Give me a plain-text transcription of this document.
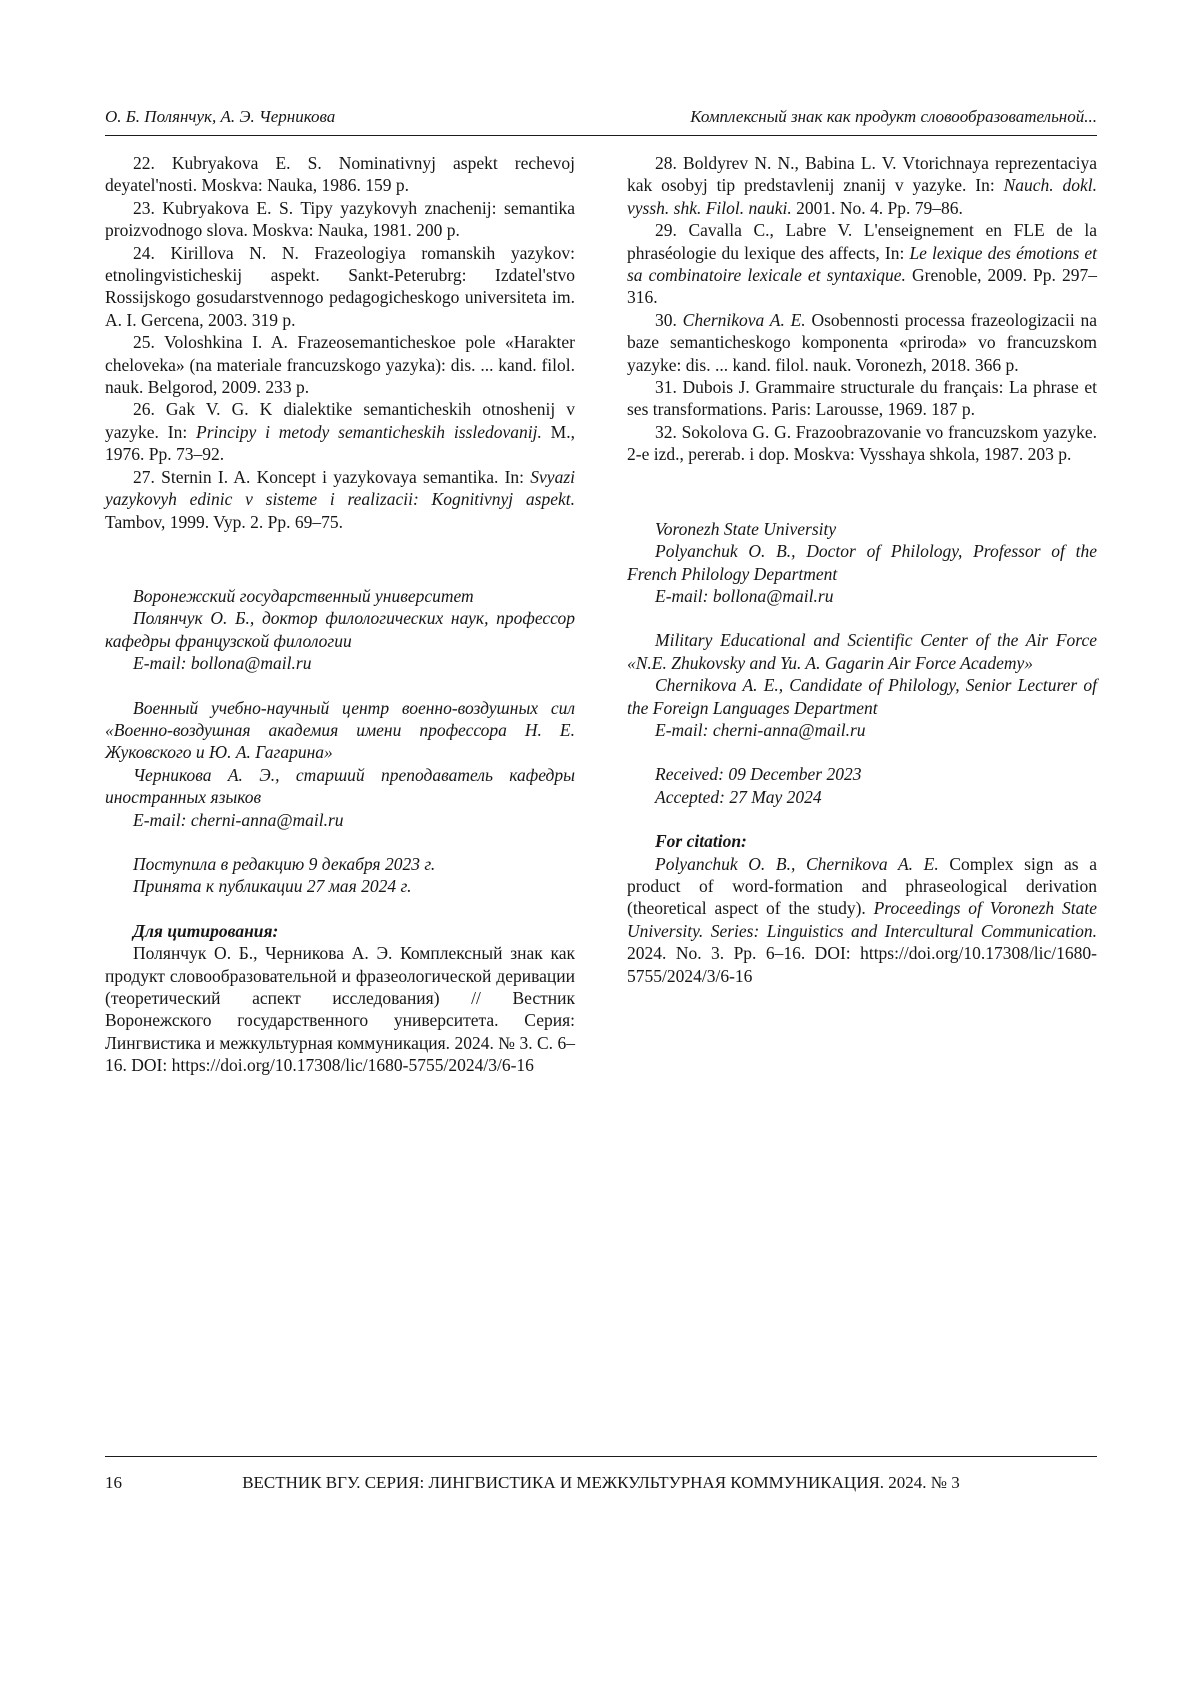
О. Б. Полянчук, А. Э. Черникова	Комплексный знак как продукт словообразовательной...

22. Kubryakova E. S. Nominativnyj aspekt rechevoj deyatel'nosti. Moskva: Nauka, 1986. 159 p.

23. Kubryakova E. S. Tipy yazykovyh znachenij: semantika proizvodnogo slova. Moskva: Nauka, 1981. 200 p.

24. Kirillova N. N. Frazeologiya romanskih yazykov: etnolingvisticheskij aspekt. Sankt-Peterubrg: Izdatel'stvo Rossijskogo gosudarstvennogo pedagogicheskogo universiteta im. A. I. Gercena, 2003. 319 p.

25. Voloshkina I. A. Frazeosemanticheskoe pole «Harakter cheloveka» (na materiale francuzskogo yazyka): dis. ... kand. filol. nauk. Belgorod, 2009. 233 p.

26. Gak V. G. K dialektike semanticheskih otnoshenij v yazyke. In: Principy i metody semanticheskih issledovanij. M., 1976. Pp. 73–92.

27. Sternin I. A. Koncept i yazykovaya semantika. In: Svyazi yazykovyh edinic v sisteme i realizacii: Kognitivnyj aspekt. Tambov, 1999. Vyp. 2. Pp. 69–75.

Воронежский государственный университет

Полянчук О. Б., доктор филологических наук, профессор кафедры французской филологии

E-mail: bollona@mail.ru

Военный учебно-научный центр военно-воздушных сил «Военно-воздушная академия имени профессора Н. Е. Жуковского и Ю. А. Гагарина»

Черникова А. Э., старший преподаватель кафедры иностранных языков

E-mail: cherni-anna@mail.ru

Поступила в редакцию 9 декабря 2023 г.

Принята к публикации 27 мая 2024 г.

Для цитирования:

Полянчук О. Б., Черникова А. Э. Комплексный знак как продукт словообразовательной и фразеологической деривации (теоретический аспект исследования) // Вестник Воронежского государственного университета. Серия: Лингвистика и межкультурная коммуникация. 2024. № 3. С. 6–16. DOI: https://doi.org/10.17308/lic/1680-5755/2024/3/6-16

28. Boldyrev N. N., Babina L. V. Vtorichnaya reprezentaciya kak osobyj tip predstavlenij znanij v yazyke. In: Nauch. dokl. vyssh. shk. Filol. nauki. 2001. No. 4. Pp. 79–86.

29. Cavalla C., Labre V. L'enseignement en FLE de la phraséologie du lexique des affects, In: Le lexique des émotions et sa combinatoire lexicale et syntaxique. Grenoble, 2009. Pp. 297–316.

30. Chernikova A. E. Osobennosti processa frazeologizacii na baze semanticheskogo komponenta «priroda» vo francuzskom yazyke: dis. ... kand. filol. nauk. Voronezh, 2018. 366 p.

31. Dubois J. Grammaire structurale du français: La phrase et ses transformations. Paris: Larousse, 1969. 187 p.

32. Sokolova G. G. Frazoobrazovanie vo francuzskom yazyke. 2-e izd., pererab. i dop. Moskva: Vysshaya shkola, 1987. 203 p.

Voronezh State University

Polyanchuk O. B., Doctor of Philology, Professor of the French Philology Department

E-mail: bollona@mail.ru

Military Educational and Scientific Center of the Air Force «N.E. Zhukovsky and Yu. A. Gagarin Air Force Academy»

Chernikova A. E., Candidate of Philology, Senior Lecturer of the Foreign Languages Department

E-mail: cherni-anna@mail.ru

Received: 09 December 2023

Accepted: 27 May 2024

For citation:

Polyanchuk O. B., Chernikova A. E. Complex sign as a product of word-formation and phraseological derivation (theoretical aspect of the study). Proceedings of Voronezh State University. Series: Linguistics and Intercultural Communication. 2024. No. 3. Pp. 6–16. DOI: https://doi.org/10.17308/lic/1680-5755/2024/3/6-16

16	ВЕСТНИК ВГУ. СЕРИЯ: ЛИНГВИСТИКА И МЕЖКУЛЬТУРНАЯ КОММУНИКАЦИЯ. 2024. № 3
